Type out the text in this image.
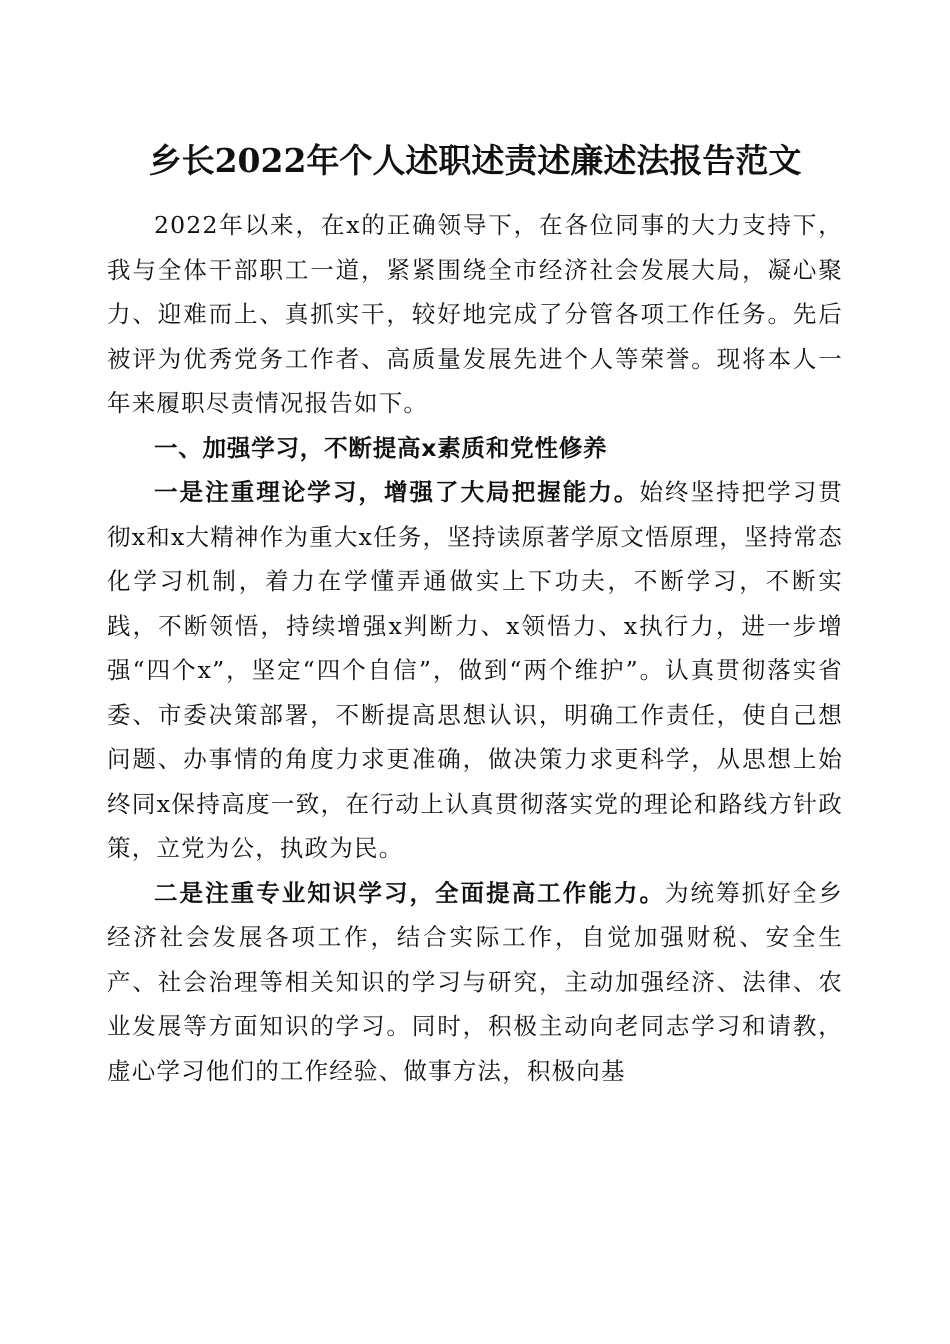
乡长2022年个人述职述责述廉述法报告范文

2022年以来，在x的正确领导下，在各位同事的大力支持下，我与全体干部职工一道，紧紧围绕全市经济社会发展大局，凝心聚力、迎难而上、真抓实干，较好地完成了分管各项工作任务。先后被评为优秀党务工作者、高质量发展先进个人等荣誉。现将本人一年来履职尽责情况报告如下。

一、加强学习，不断提高x素质和党性修养

一是注重理论学习，增强了大局把握能力。始终坚持把学习贯彻x和x大精神作为重大x任务，坚持读原著学原文悟原理，坚持常态化学习机制，着力在学懂弄通做实上下功夫，不断学习，不断实践，不断领悟，持续增强x判断力、x领悟力、x执行力，进一步增强“四个x”，坚定“四个自信”，做到“两个维护”。认真贯彻落实省委、市委决策部署，不断提高思想认识，明确工作责任，使自己想问题、办事情的角度力求更准确，做决策力求更科学，从思想上始终同x保持高度一致，在行动上认真贯彻落实党的理论和路线方针政策，立党为公，执政为民。

二是注重专业知识学习，全面提高工作能力。为统筹抓好全乡经济社会发展各项工作，结合实际工作，自觉加强财税、安全生产、社会治理等相关知识的学习与研究，主动加强经济、法律、农业发展等方面知识的学习。同时，积极主动向老同志学习和请教，虚心学习他们的工作经验、做事方法，积极向基
